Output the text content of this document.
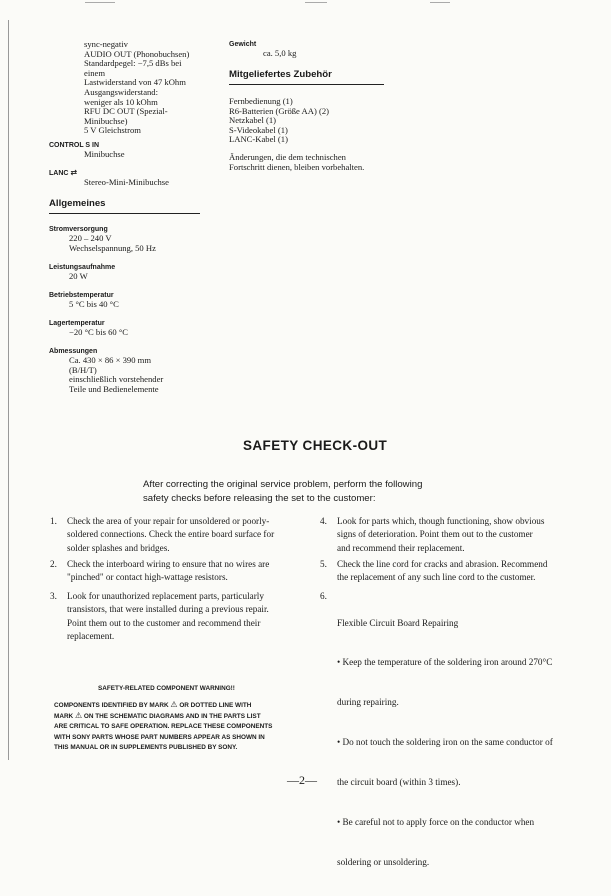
sync-negativ
AUDIO OUT (Phonobuchsen)
Standardpegel: −7,5 dBs bei
einem
Lastwiderstand von 47 kOhm
Ausgangswiderstand:
weniger als 10 kOhm
RFU DC OUT (Spezial-
Minibuchse)
5 V Gleichstrom
CONTROL S IN
Minibuchse
LANC ⇄
Stereo-Mini-Minibuchse
Allgemeines
Stromversorgung
220 – 240 V
Wechselspannung, 50 Hz
Leistungsaufnahme
20 W
Betriebstemperatur
5 °C bis 40 °C
Lagertemperatur
−20 °C bis 60 °C
Abmessungen
Ca. 430 × 86 × 390 mm
(B/H/T)
einschließlich vorstehender
Teile und Bedienelemente
Gewicht
ca. 5,0 kg
Mitgeliefertes Zubehör
Fernbedienung (1)
R6-Batterien (Größe AA) (2)
Netzkabel (1)
S-Videokabel (1)
LANC-Kabel (1)
Änderungen, die dem technischen
Fortschritt dienen, bleiben vorbehalten.
SAFETY CHECK-OUT
After correcting the original service problem, perform the following
safety checks before releasing the set to the customer:
1. Check the area of your repair for unsoldered or poorly-
soldered connections. Check the entire board surface for
solder splashes and bridges.
2. Check the interboard wiring to ensure that no wires are
"pinched" or contact high-wattage resistors.
3. Look for unauthorized replacement parts, particularly
transistors, that were installed during a previous repair.
Point them out to the customer and recommend their
replacement.
4. Look for parts which, though functioning, show obvious
signs of deterioration. Point them out to the customer
and recommend their replacement.
5. Check the line cord for cracks and abrasion. Recommend
the replacement of any such line cord to the customer.
6.

Flexible Circuit Board Repairing

• Keep the temperature of the soldering iron around 270°C

during repairing.

• Do not touch the soldering iron on the same conductor of

the circuit board (within 3 times).

• Be careful not to apply force on the conductor when

soldering or unsoldering.

SAFETY-RELATED COMPONENT WARNING!!
COMPONENTS IDENTIFIED BY MARK ⚠ OR DOTTED LINE WITH
MARK ⚠ ON THE SCHEMATIC DIAGRAMS AND IN THE PARTS LIST
ARE CRITICAL TO SAFE OPERATION. REPLACE THESE COMPONENTS
WITH SONY PARTS WHOSE PART NUMBERS APPEAR AS SHOWN IN
THIS MANUAL OR IN SUPPLEMENTS PUBLISHED BY SONY.
—2—
